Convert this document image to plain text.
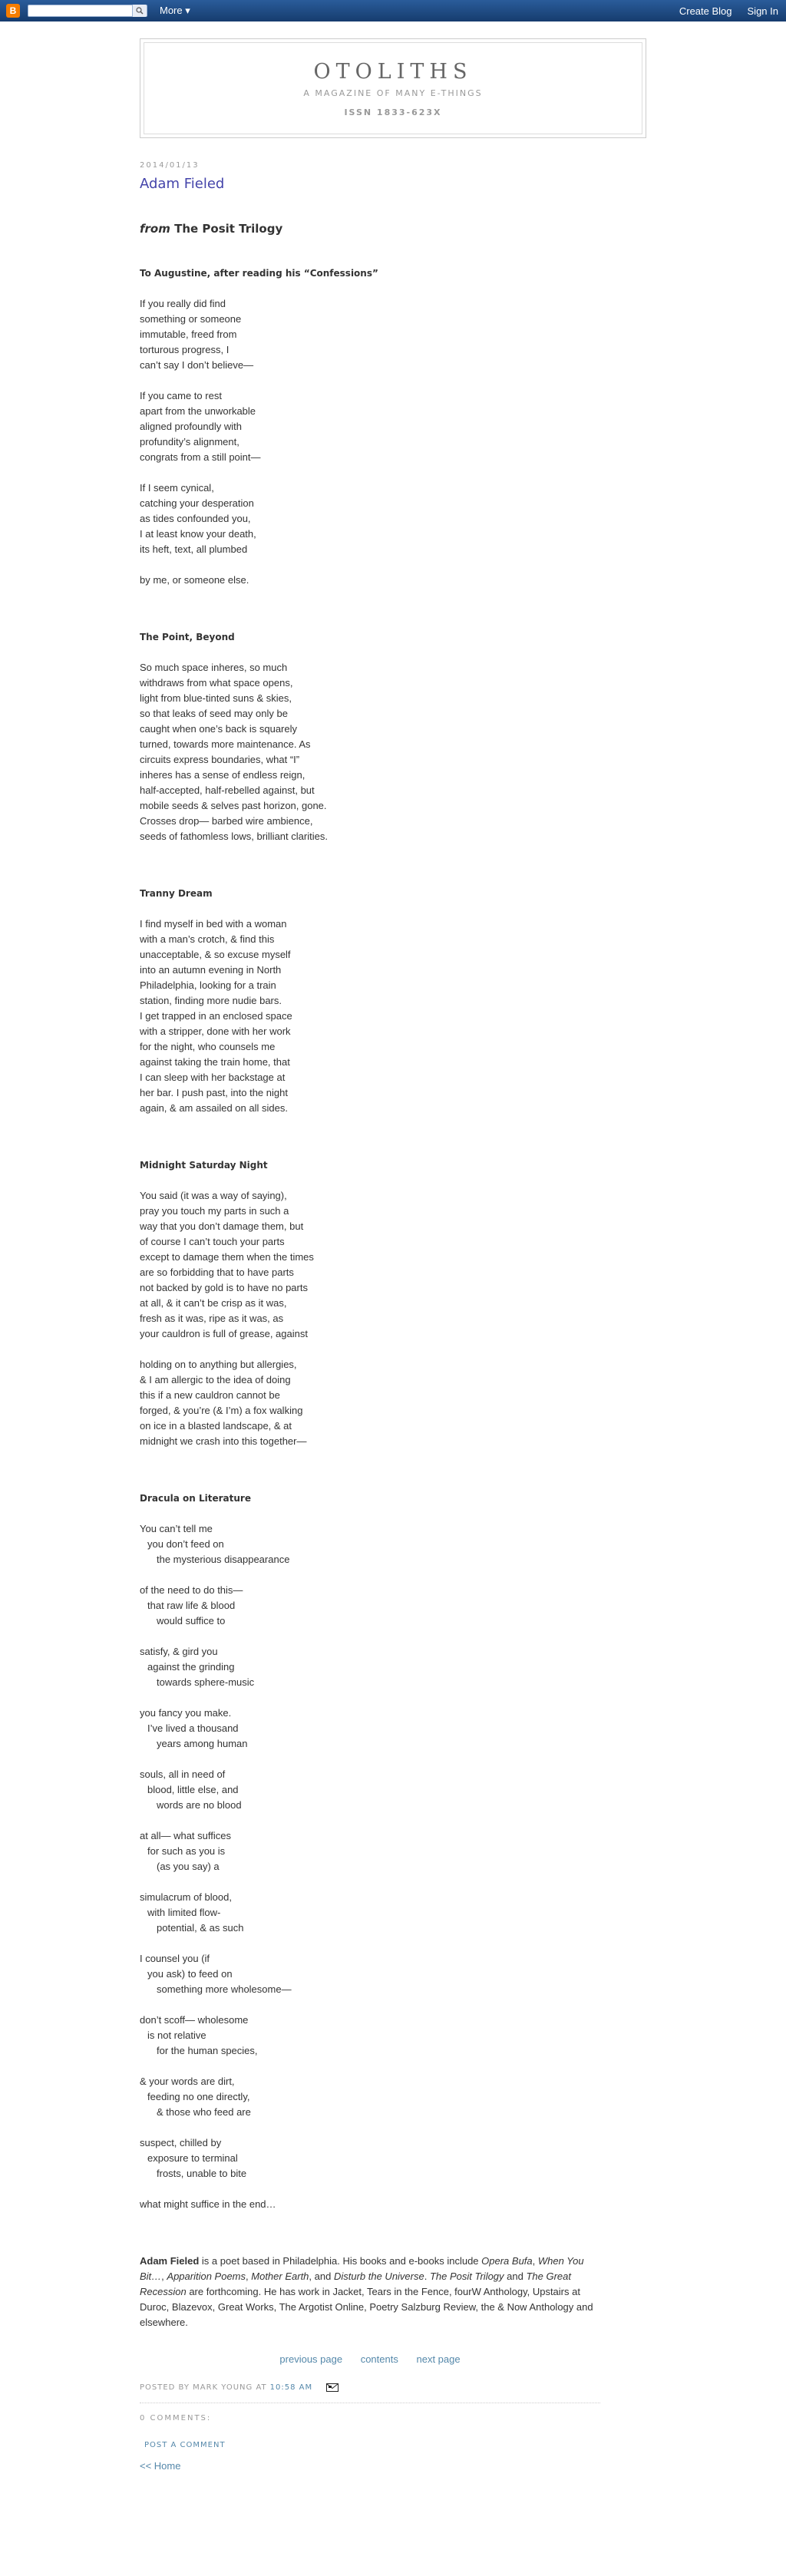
B	More ▾	Create Blog Sign In
OTOLITHS
A MAGAZINE OF MANY E-THINGS
ISSN 1833-623X
2014/01/13
Adam Fieled
from The Posit Trilogy
To Augustine, after reading his “Confessions”
If you really did find
something or someone
immutable, freed from
torturous progress, I
can’t say I don’t believe—
If you came to rest
apart from the unworkable
aligned profoundly with
profundity’s alignment,
congrats from a still point—
If I seem cynical,
catching your desperation
as tides confounded you,
I at least know your death,
its heft, text, all plumbed
by me, or someone else.
The Point, Beyond
So much space inheres, so much
withdraws from what space opens,
light from blue-tinted suns & skies,
so that leaks of seed may only be
caught when one’s back is squarely
turned, towards more maintenance. As
circuits express boundaries, what “I”
inheres has a sense of endless reign,
half-accepted, half-rebelled against, but
mobile seeds & selves past horizon, gone.
Crosses drop— barbed wire ambience,
seeds of fathomless lows, brilliant clarities.
Tranny Dream
I find myself in bed with a woman
with a man’s crotch, & find this
unacceptable, & so excuse myself
into an autumn evening in North
Philadelphia, looking for a train
station, finding more nudie bars.
I get trapped in an enclosed space
with a stripper, done with her work
for the night, who counsels me
against taking the train home, that
I can sleep with her backstage at
her bar. I push past, into the night
again, & am assailed on all sides.
Midnight Saturday Night
You said (it was a way of saying),
pray you touch my parts in such a
way that you don’t damage them, but
of course I can’t touch your parts
except to damage them when the times
are so forbidding that to have parts
not backed by gold is to have no parts
at all, & it can’t be crisp as it was,
fresh as it was, ripe as it was, as
your cauldron is full of grease, against
holding on to anything but allergies,
& I am allergic to the idea of doing
this if a new cauldron cannot be
forged, & you’re (& I’m) a fox walking
on ice in a blasted landscape, & at
midnight we crash into this together—
Dracula on Literature
You can’t tell me
you don’t feed on
the mysterious disappearance
of the need to do this—
that raw life & blood
would suffice to
satisfy, & gird you
against the grinding
towards sphere-music
you fancy you make.
I’ve lived a thousand
years among human
souls, all in need of
blood, little else, and
words are no blood
at all— what suffices
for such as you is
(as you say) a
simulacrum of blood,
with limited flow-
potential, & as such
I counsel you (if
you ask) to feed on
something more wholesome—
don’t scoff— wholesome
is not relative
for the human species,
& your words are dirt,
feeding no one directly,
& those who feed are
suspect, chilled by
exposure to terminal
frosts, unable to bite
what might suffice in the end…
Adam Fieled is a poet based in Philadelphia. His books and e-books include Opera Bufa, When You Bit…, Apparition Poems, Mother Earth, and Disturb the Universe. The Posit Trilogy and The Great Recession are forthcoming. He has work in Jacket, Tears in the Fence, fourW Anthology, Upstairs at Duroc, Blazevox, Great Works, The Argotist Online, Poetry Salzburg Review, the & Now Anthology and elsewhere.
previous page contents next page
POSTED BY MARK YOUNG AT 10:58 AM
0 COMMENTS:
POST A COMMENT
<< Home
